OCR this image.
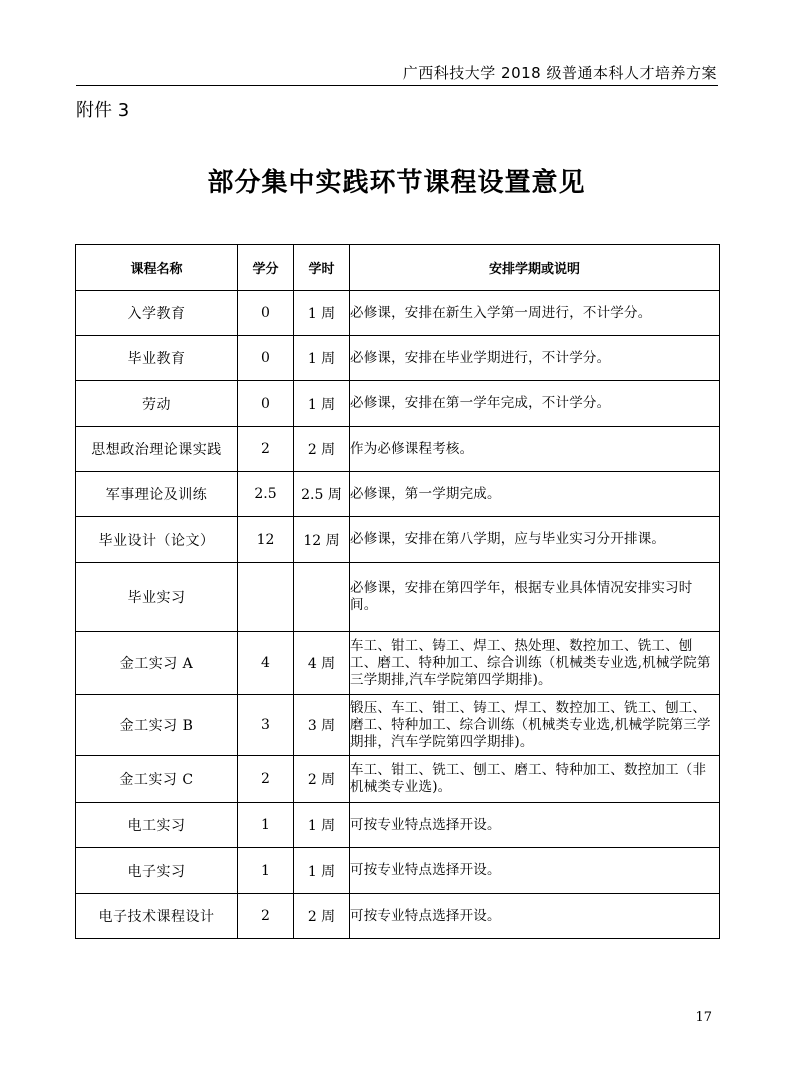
广西科技大学 2018 级普通本科人才培养方案
附件 3
部分集中实践环节课程设置意见
课程名称	学分	学时	安排学期或说明
入学教育	0	1 周	必修课，安排在新生入学第一周进行，不计学分。
毕业教育	0	1 周	必修课，安排在毕业学期进行，不计学分。
劳动	0	1 周	必修课，安排在第一学年完成，不计学分。
思想政治理论课实践	2	2 周	作为必修课程考核。
军事理论及训练	2.5	2.5 周	必修课，第一学期完成。
毕业设计（论文）	12	12 周	必修课，安排在第八学期，应与毕业实习分开排课。
毕业实习			必修课，安排在第四学年，根据专业具体情况安排实习时间。
金工实习 A	4	4 周	车工、钳工、铸工、焊工、热处理、数控加工、铣工、刨工、磨工、特种加工、综合训练（机械类专业选,机械学院第三学期排,汽车学院第四学期排)。
金工实习 B	3	3 周	锻压、车工、钳工、铸工、焊工、数控加工、铣工、刨工、磨工、特种加工、综合训练（机械类专业选,机械学院第三学期排，汽车学院第四学期排)。
金工实习 C	2	2 周	车工、钳工、铣工、刨工、磨工、特种加工、数控加工（非机械类专业选)。
电工实习	1	1 周	可按专业特点选择开设。
电子实习	1	1 周	可按专业特点选择开设。
电子技术课程设计	2	2 周	可按专业特点选择开设。
17
